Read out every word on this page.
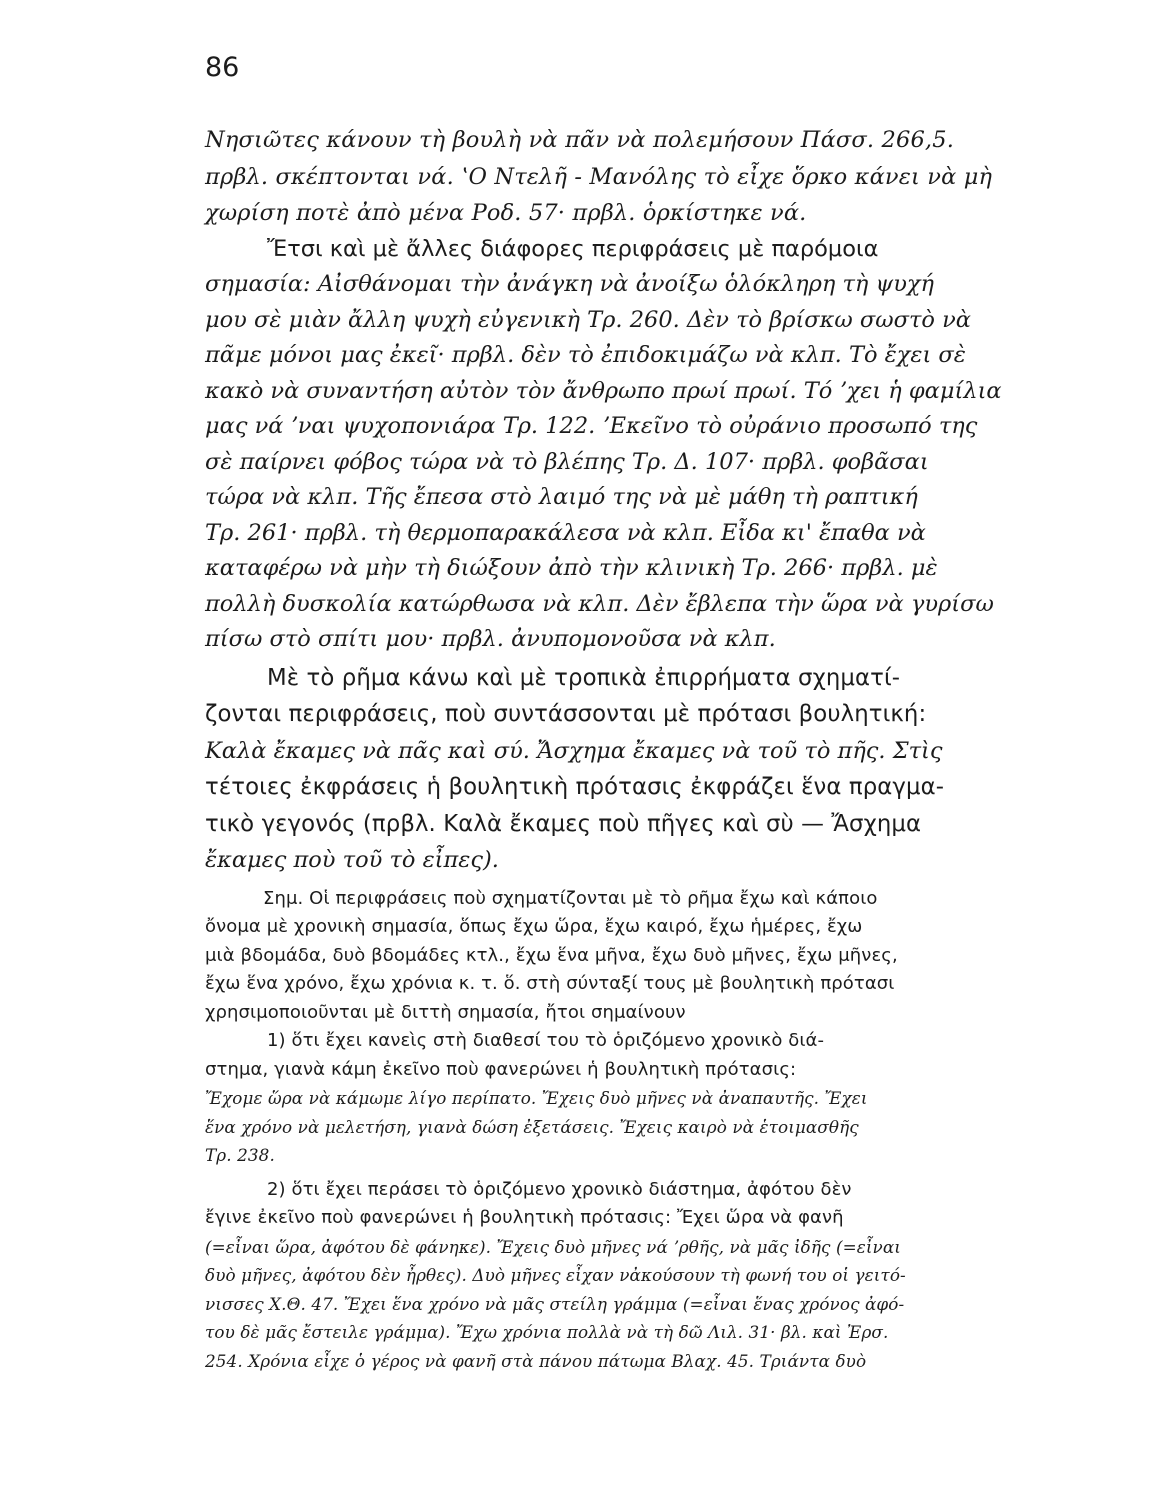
86
Νησιῶτες κάνουν τὴ βουλὴ νὰ πᾶν νὰ πολεμήσουν Πάσσ. 266,5.
πρβλ. σκέπτονται νά. ʽΟ Ντελῆ - Μανόλης τὸ εἶχε ὅρκο κάνει νὰ μὴ
χωρίση ποτὲ ἀπὸ μένα Ροδ. 57· πρβλ. ὁρκίστηκε νά.
Ἔτσι καὶ μὲ ἄλλες διάφορες περιφράσεις μὲ παρόμοια
σημασία: Αἰσθάνομαι τὴν ἀνάγκη νὰ ἀνοίξω ὁλόκληρη τὴ ψυχή
μου σὲ μιὰν ἄλλη ψυχὴ εὐγενικὴ Τρ. 260. Δὲν τὸ βρίσκω σωστὸ νὰ
πᾶμε μόνοι μας ἐκεῖ· πρβλ. δὲν τὸ ἐπιδοκιμάζω νὰ κλπ. Τὸ ἔχει σὲ
κακὸ νὰ συναντήση αὐτὸν τὸν ἄνθρωπο πρωί πρωί. Τό ʼχει ἡ φαμίλια
μας νά ʼναι ψυχοπονιάρα Τρ. 122. ʼΕκεῖνο τὸ οὐράνιο προσωπό της
σὲ παίρνει φόβος τώρα νὰ τὸ βλέπης Τρ. Δ. 107· πρβλ. φοβᾶσαι
τώρα νὰ κλπ. Τῆς ἔπεσα στὸ λαιμό της νὰ μὲ μάθη τὴ ραπτική
Τρ. 261· πρβλ. τὴ θερμοπαρακάλεσα νὰ κλπ. Εἶδα κι' ἔπαθα νὰ
καταφέρω νὰ μὴν τὴ διώξουν ἀπὸ τὴν κλινικὴ Τρ. 266· πρβλ. μὲ
πολλὴ δυσκολία κατώρθωσα νὰ κλπ. Δὲν ἔβλεπα τὴν ὥρα νὰ γυρίσω
πίσω στὸ σπίτι μου· πρβλ. ἀνυπομονοῦσα νὰ κλπ.
Μὲ τὸ ρῆμα κάνω καὶ μὲ τροπικὰ ἐπιρρήματα σχηματί-
ζονται περιφράσεις, ποὺ συντάσσονται μὲ πρότασι βουλητική:
Καλὰ ἔκαμες νὰ πᾶς καὶ σύ. Ἄσχημα ἔκαμες νὰ τοῦ τὸ πῆς. Στὶς
τέτοιες ἐκφράσεις ἡ βουλητικὴ πρότασις ἐκφράζει ἕνα πραγμα-
τικὸ γεγονός (πρβλ. Καλὰ ἔκαμες ποὺ πῆγες καὶ σὺ — Ἄσχημα
ἔκαμες ποὺ τοῦ τὸ εἶπες).
Σημ. Οἱ περιφράσεις ποὺ σχηματίζονται μὲ τὸ ρῆμα ἔχω καὶ κάποιο
ὄνομα μὲ χρονικὴ σημασία, ὅπως ἔχω ὥρα, ἔχω καιρό, ἔχω ἡμέρες, ἔχω
μιὰ βδομάδα, δυὸ βδομάδες κτλ., ἔχω ἕνα μῆνα, ἔχω δυὸ μῆνες, ἔχω μῆνες,
ἔχω ἕνα χρόνο, ἔχω χρόνια κ. τ. ὅ. στὴ σύνταξί τους μὲ βουλητικὴ πρότασι
χρησιμοποιοῦνται μὲ διττὴ σημασία, ἤτοι σημαίνουν
1) ὅτι ἔχει κανεὶς στὴ διαθεσί του τὸ ὁριζόμενο χρονικὸ διά-
στημα, γιανὰ κάμη ἐκεῖνο ποὺ φανερώνει ἡ βουλητικὴ πρότασις:
Ἔχομε ὥρα νὰ κάμωμε λίγο περίπατο. Ἔχεις δυὸ μῆνες νὰ ἀναπαυτῆς. Ἔχει
ἕνα χρόνο νὰ μελετήση, γιανὰ δώση ἐξετάσεις. Ἔχεις καιρὸ νὰ ἑτοιμασθῆς
Τρ. 238.
2) ὅτι ἔχει περάσει τὸ ὁριζόμενο χρονικὸ διάστημα, ἀφότου δὲν
ἔγινε ἐκεῖνο ποὺ φανερώνει ἡ βουλητικὴ πρότασις: Ἔχει ὥρα νὰ φανῆ
(=εἶναι ὥρα, ἀφότου δὲ φάνηκε). Ἔχεις δυὸ μῆνες νά ʼρθῆς, νὰ μᾶς ἰδῆς (=εἶναι
δυὸ μῆνες, ἀφότου δὲν ἦρθες). Δυὸ μῆνες εἶχαν νἀκούσουν τὴ φωνή του οἱ γειτό-
νισσες Χ.Θ. 47. Ἔχει ἕνα χρόνο νὰ μᾶς στείλη γράμμα (=εἶναι ἕνας χρόνος ἀφό-
του δὲ μᾶς ἔστειλε γράμμα). Ἔχω χρόνια πολλὰ νὰ τὴ δῶ Λιλ. 31· βλ. καὶ Ἐρσ.
254. Χρόνια εἶχε ὁ γέρος νὰ φανῆ στὰ πάνου πάτωμα Βλαχ. 45. Τριάντα δυὸ
